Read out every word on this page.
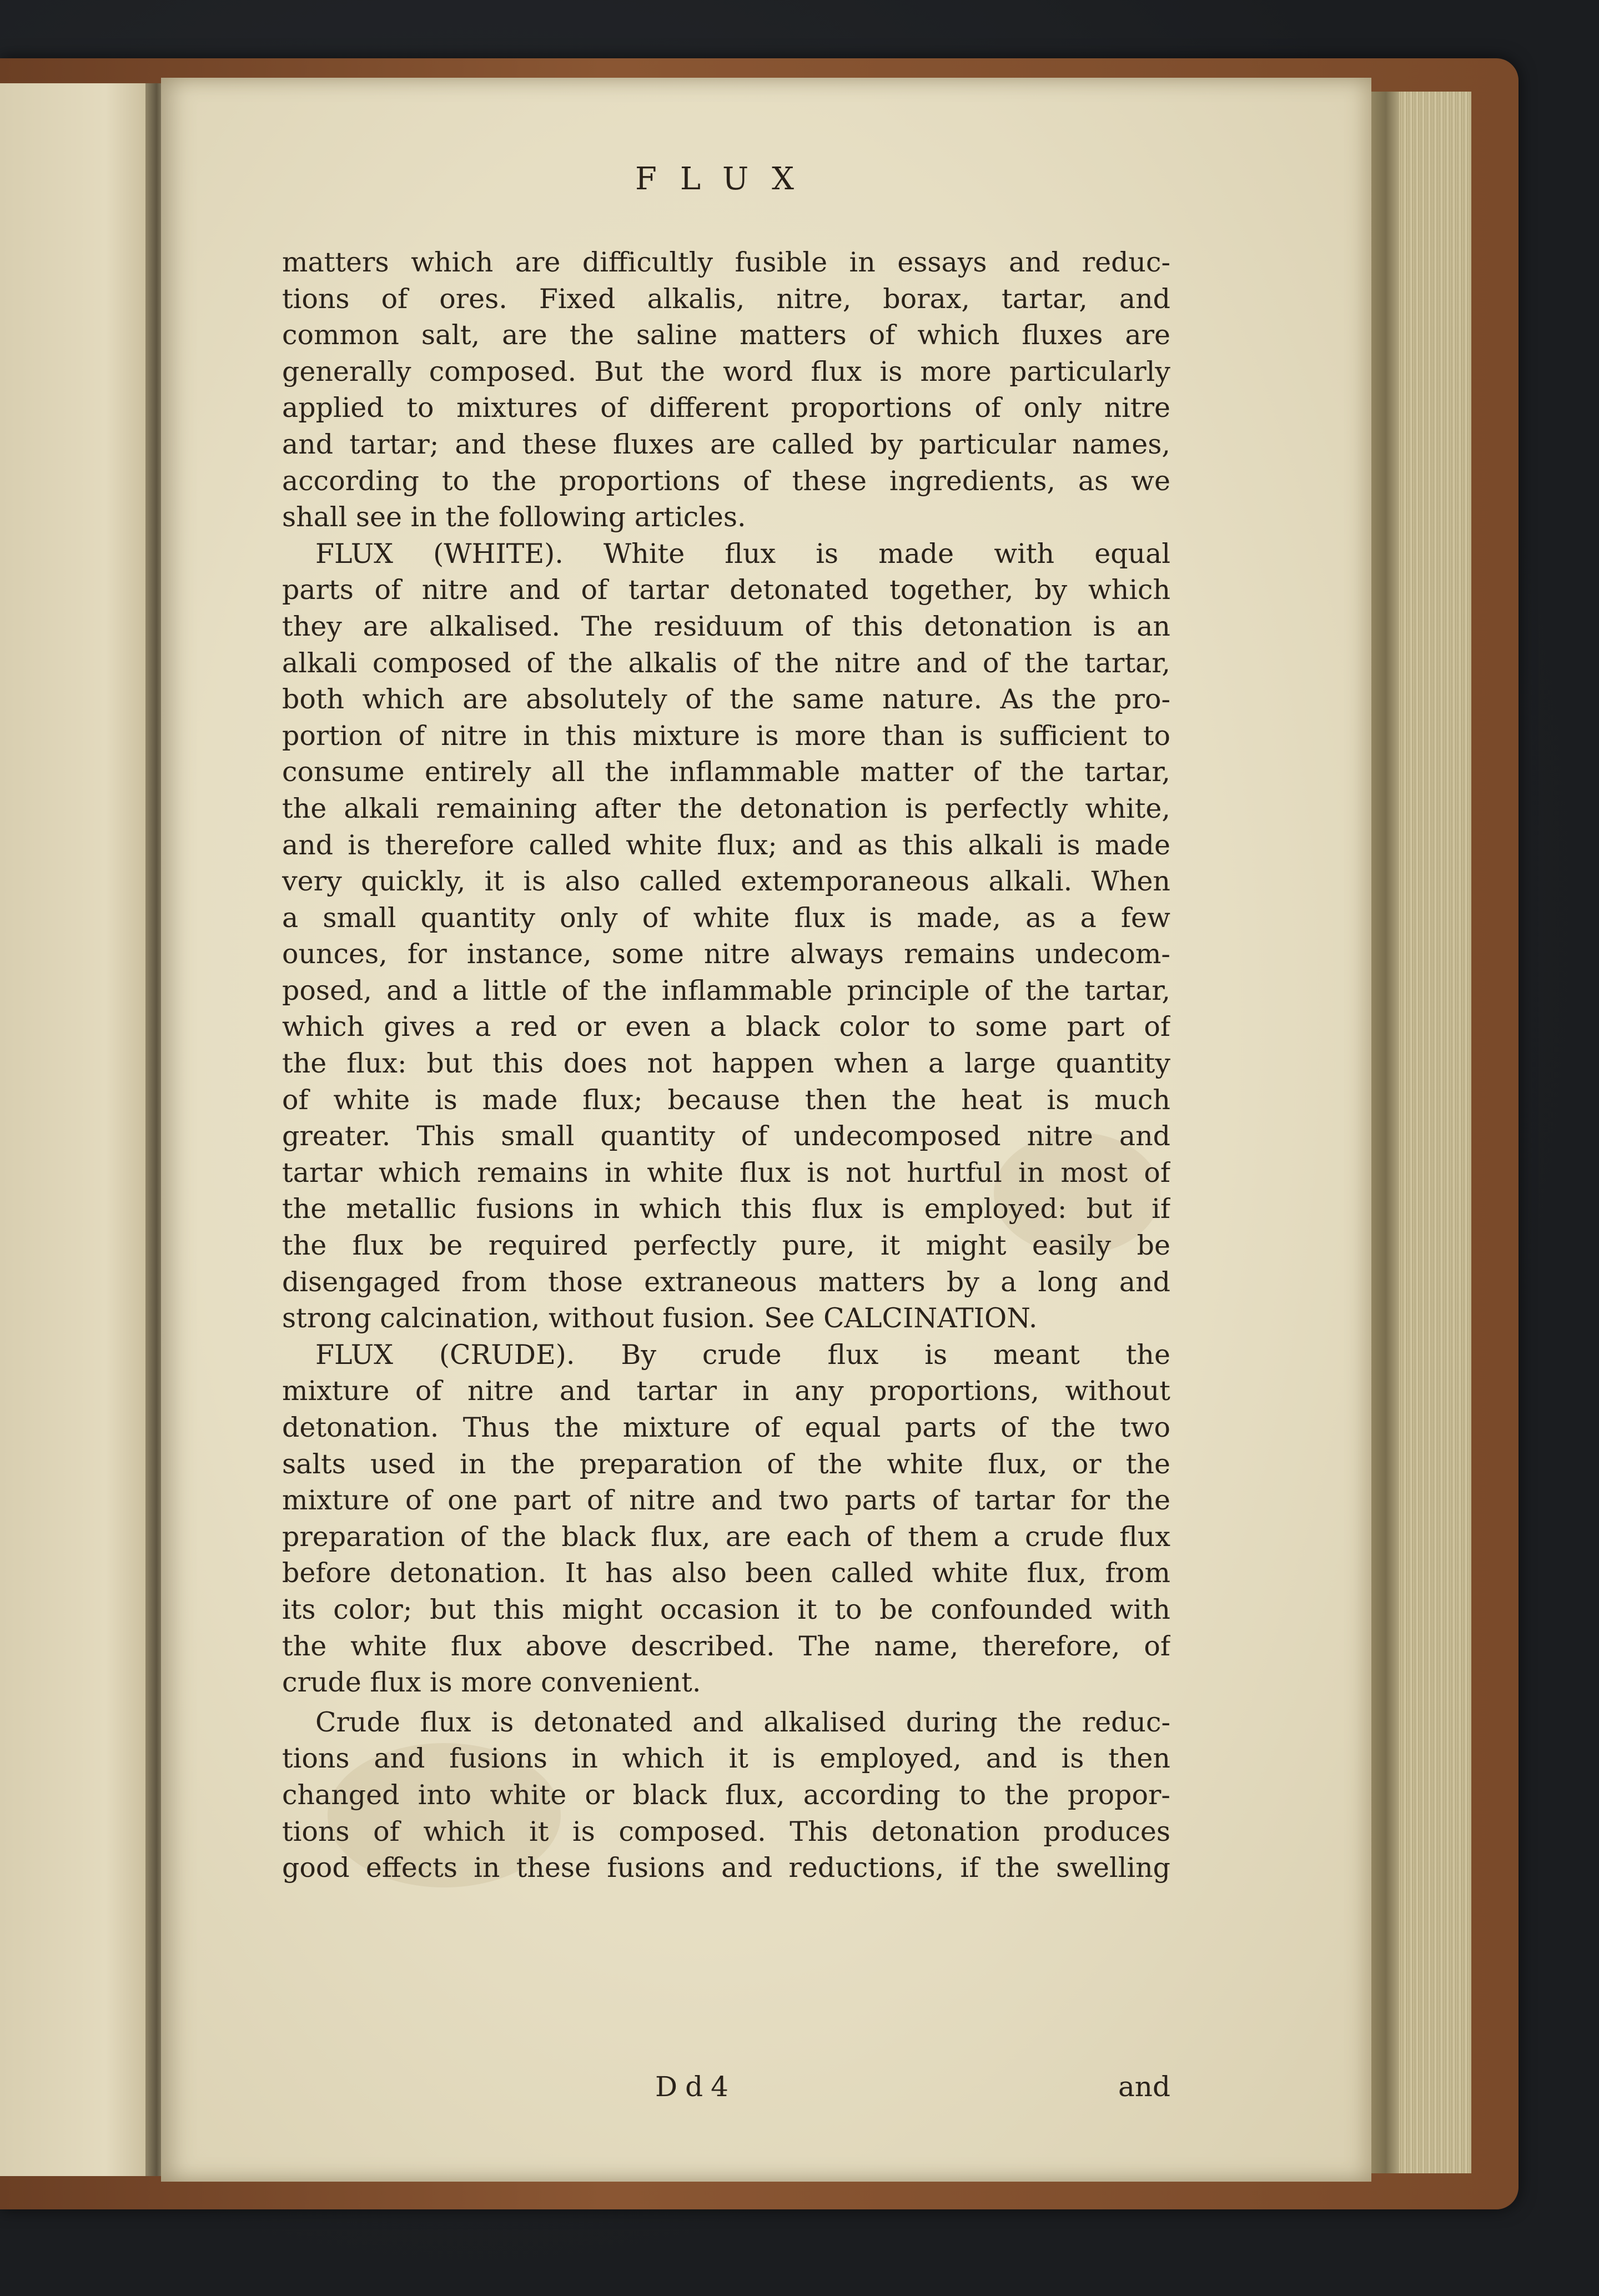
FLUX

matters which are difficultly fusible in essays and reduc-
tions of ores. Fixed alkalis, nitre, borax, tartar, and
common salt, are the saline matters of which fluxes are
generally composed. But the word flux is more particularly
applied to mixtures of different proportions of only nitre
and tartar; and these fluxes are called by particular names,
according to the proportions of these ingredients, as we
shall see in the following articles.

FLUX (WHITE). White flux is made with equal
parts of nitre and of tartar detonated together, by which
they are alkalised. The residuum of this detonation is an
alkali composed of the alkalis of the nitre and of the tartar,
both which are absolutely of the same nature. As the pro-
portion of nitre in this mixture is more than is sufficient to
consume entirely all the inflammable matter of the tartar,
the alkali remaining after the detonation is perfectly white,
and is therefore called white flux; and as this alkali is made
very quickly, it is also called extemporaneous alkali. When
a small quantity only of white flux is made, as a few
ounces, for instance, some nitre always remains undecom-
posed, and a little of the inflammable principle of the tartar,
which gives a red or even a black color to some part of
the flux: but this does not happen when a large quantity
of white is made flux; because then the heat is much
greater. This small quantity of undecomposed nitre and
tartar which remains in white flux is not hurtful in most of
the metallic fusions in which this flux is employed: but if
the flux be required perfectly pure, it might easily be
disengaged from those extraneous matters by a long and
strong calcination, without fusion. See CALCINATION.

FLUX (CRUDE). By crude flux is meant the
mixture of nitre and tartar in any proportions, without
detonation. Thus the mixture of equal parts of the two
salts used in the preparation of the white flux, or the
mixture of one part of nitre and two parts of tartar for the
preparation of the black flux, are each of them a crude flux
before detonation. It has also been called white flux, from
its color; but this might occasion it to be confounded with
the white flux above described. The name, therefore, of
crude flux is more convenient.

Crude flux is detonated and alkalised during the reduc-
tions and fusions in which it is employed, and is then
changed into white or black flux, according to the propor-
tions of which it is composed. This detonation produces
good effects in these fusions and reductions, if the swelling

Dd4	and
